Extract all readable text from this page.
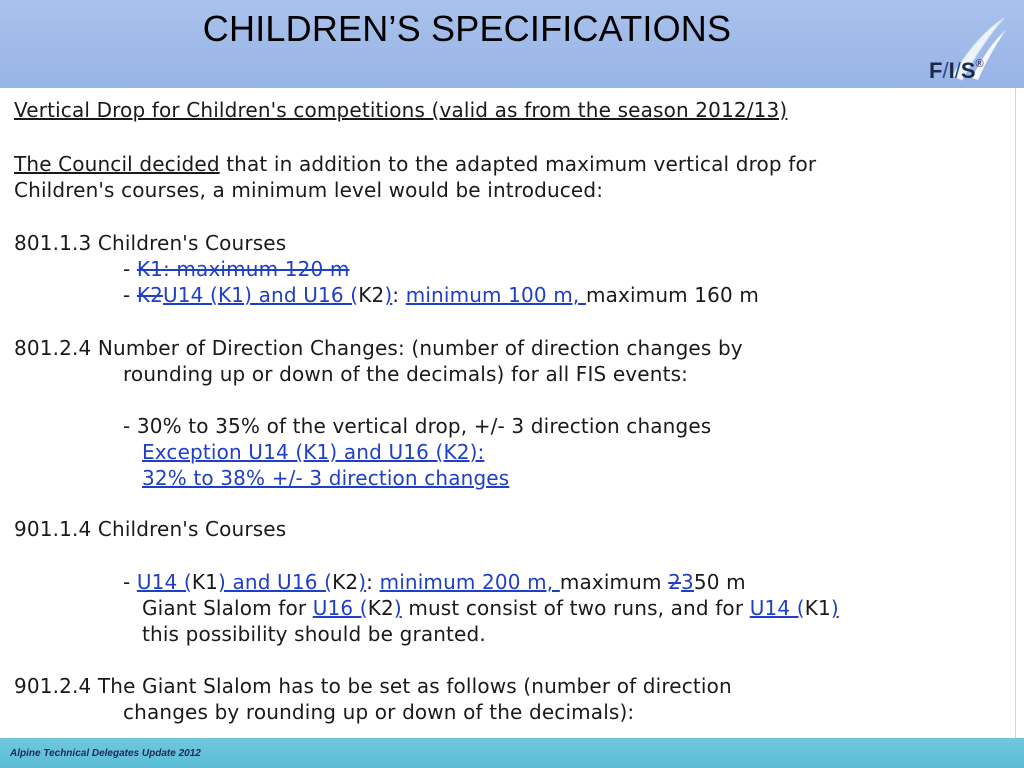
CHILDREN’S SPECIFICATIONS
F/I/S®
Vertical Drop for Children's competitions (valid as from the season 2012/13)
The Council decided that in addition to the adapted maximum vertical drop for
Children's courses, a minimum level would be introduced:
801.1.3 Children's Courses
- K1: maximum 120 m
- K2U14 (K1) and U16 (K2): minimum 100 m, maximum 160 m
801.2.4 Number of Direction Changes: (number of direction changes by
rounding up or down of the decimals) for all FIS events:
- 30% to 35% of the vertical drop, +/- 3 direction changes
Exception U14 (K1) and U16 (K2):
32% to 38% +/- 3 direction changes
901.1.4 Children's Courses
- U14 (K1) and U16 (K2): minimum 200 m, maximum 2350 m
Giant Slalom for U16 (K2) must consist of two runs, and for U14 (K1)
this possibility should be granted.
901.2.4 The Giant Slalom has to be set as follows (number of direction
changes by rounding up or down of the decimals):
Alpine Technical Delegates Update 2012
